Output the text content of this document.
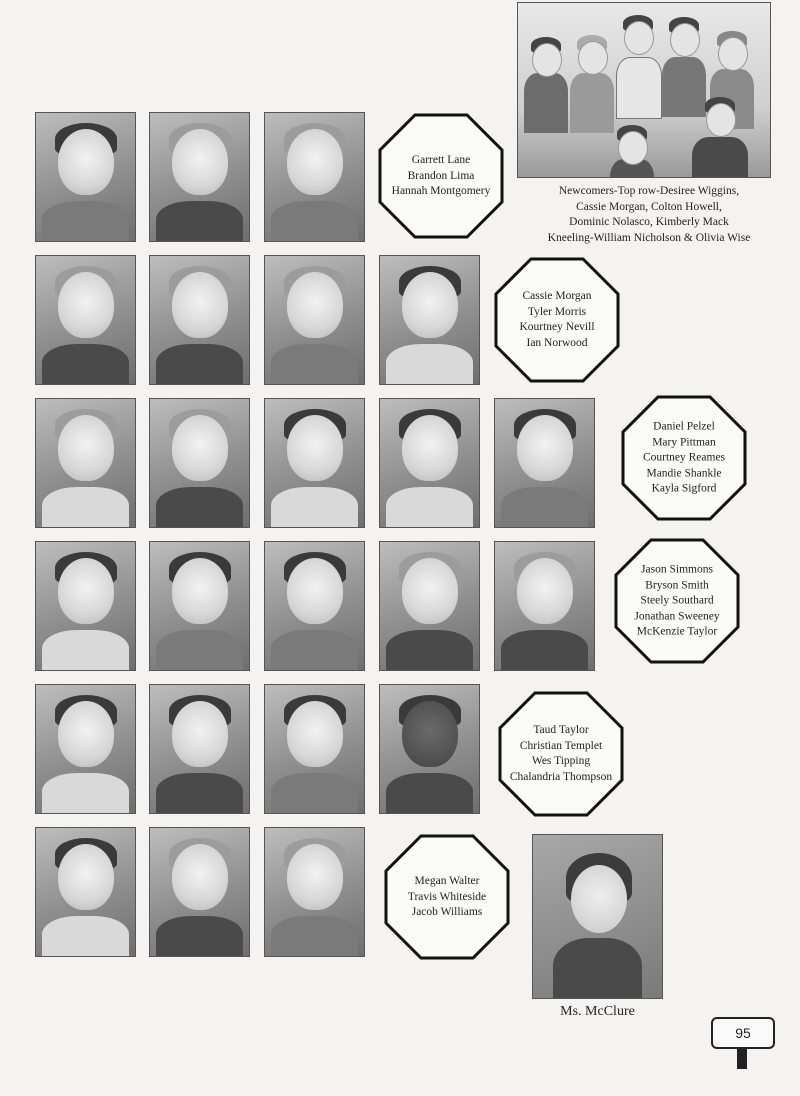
Newcomers-Top row-Desiree Wiggins,
Cassie Morgan, Colton Howell,
Dominic Nolasco, Kimberly Mack
Kneeling-William Nicholson & Olivia Wise
Garrett Lane
Brandon Lima
Hannah Montgomery
Cassie Morgan
Tyler Morris
Kourtney Nevill
Ian Norwood
Daniel Pelzel
Mary Pittman
Courtney Reames
Mandie Shankle
Kayla Sigford
Jason Simmons
Bryson Smith
Steely Southard
Jonathan Sweeney
McKenzie Taylor
Taud Taylor
Christian Templet
Wes Tipping
Chalandria Thompson
Megan Walter
Travis Whiteside
Jacob Williams
Ms. McClure
95
